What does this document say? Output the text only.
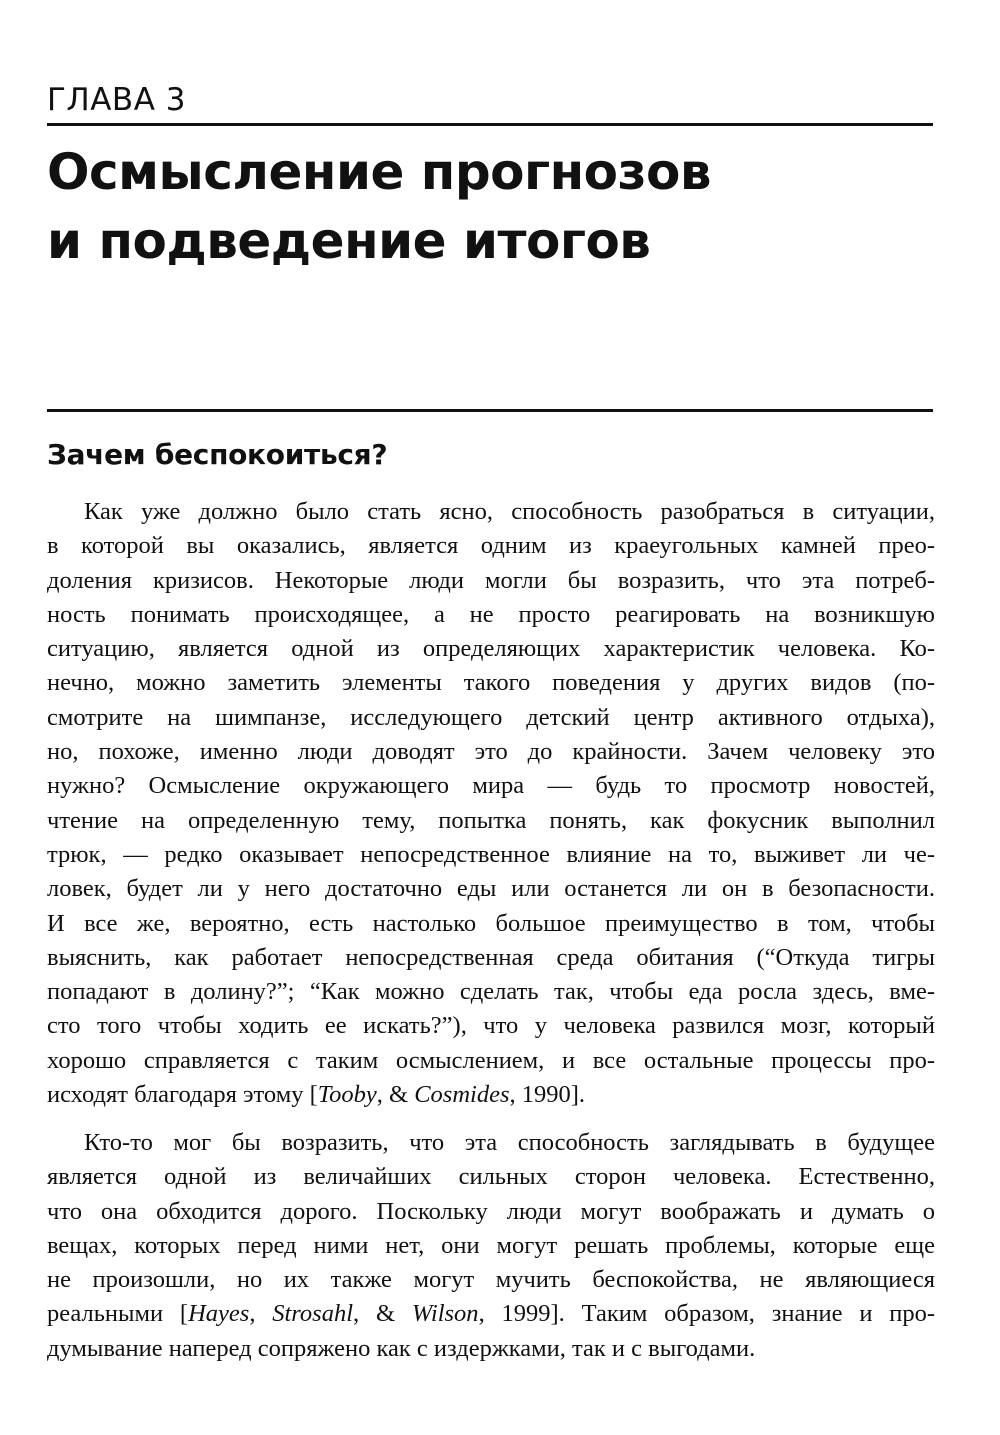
ГЛАВА 3
Осмысление прогнозов
и подведение итогов
Зачем беспокоиться?
Как уже должно было стать ясно, способность разобраться в ситуации,
в которой вы оказались, является одним из краеугольных камней прео-
доления кризисов. Некоторые люди могли бы возразить, что эта потреб-
ность понимать происходящее, а не просто реагировать на возникшую
ситуацию, является одной из определяющих характеристик человека. Ко-
нечно, можно заметить элементы такого поведения у других видов (по-
смотрите на шимпанзе, исследующего детский центр активного отдыха),
но, похоже, именно люди доводят это до крайности. Зачем человеку это
нужно? Осмысление окружающего мира — будь то просмотр новостей,
чтение на определенную тему, попытка понять, как фокусник выполнил
трюк, — редко оказывает непосредственное влияние на то, выживет ли че-
ловек, будет ли у него достаточно еды или останется ли он в безопасности.
И все же, вероятно, есть настолько большое преимущество в том, чтобы
выяснить, как работает непосредственная среда обитания (“Откуда тигры
попадают в долину?”; “Как можно сделать так, чтобы еда росла здесь, вме-
сто того чтобы ходить ее искать?”), что у человека развился мозг, который
хорошо справляется с таким осмыслением, и все остальные процессы про-
исходят благодаря этому [Tooby, & Cosmides, 1990].
Кто-то мог бы возразить, что эта способность заглядывать в будущее
является одной из величайших сильных сторон человека. Естественно,
что она обходится дорого. Поскольку люди могут воображать и думать о
вещах, которых перед ними нет, они могут решать проблемы, которые еще
не произошли, но их также могут мучить беспокойства, не являющиеся
реальными [Hayes, Strosahl, & Wilson, 1999]. Таким образом, знание и про-
думывание наперед сопряжено как с издержками, так и с выгодами.
